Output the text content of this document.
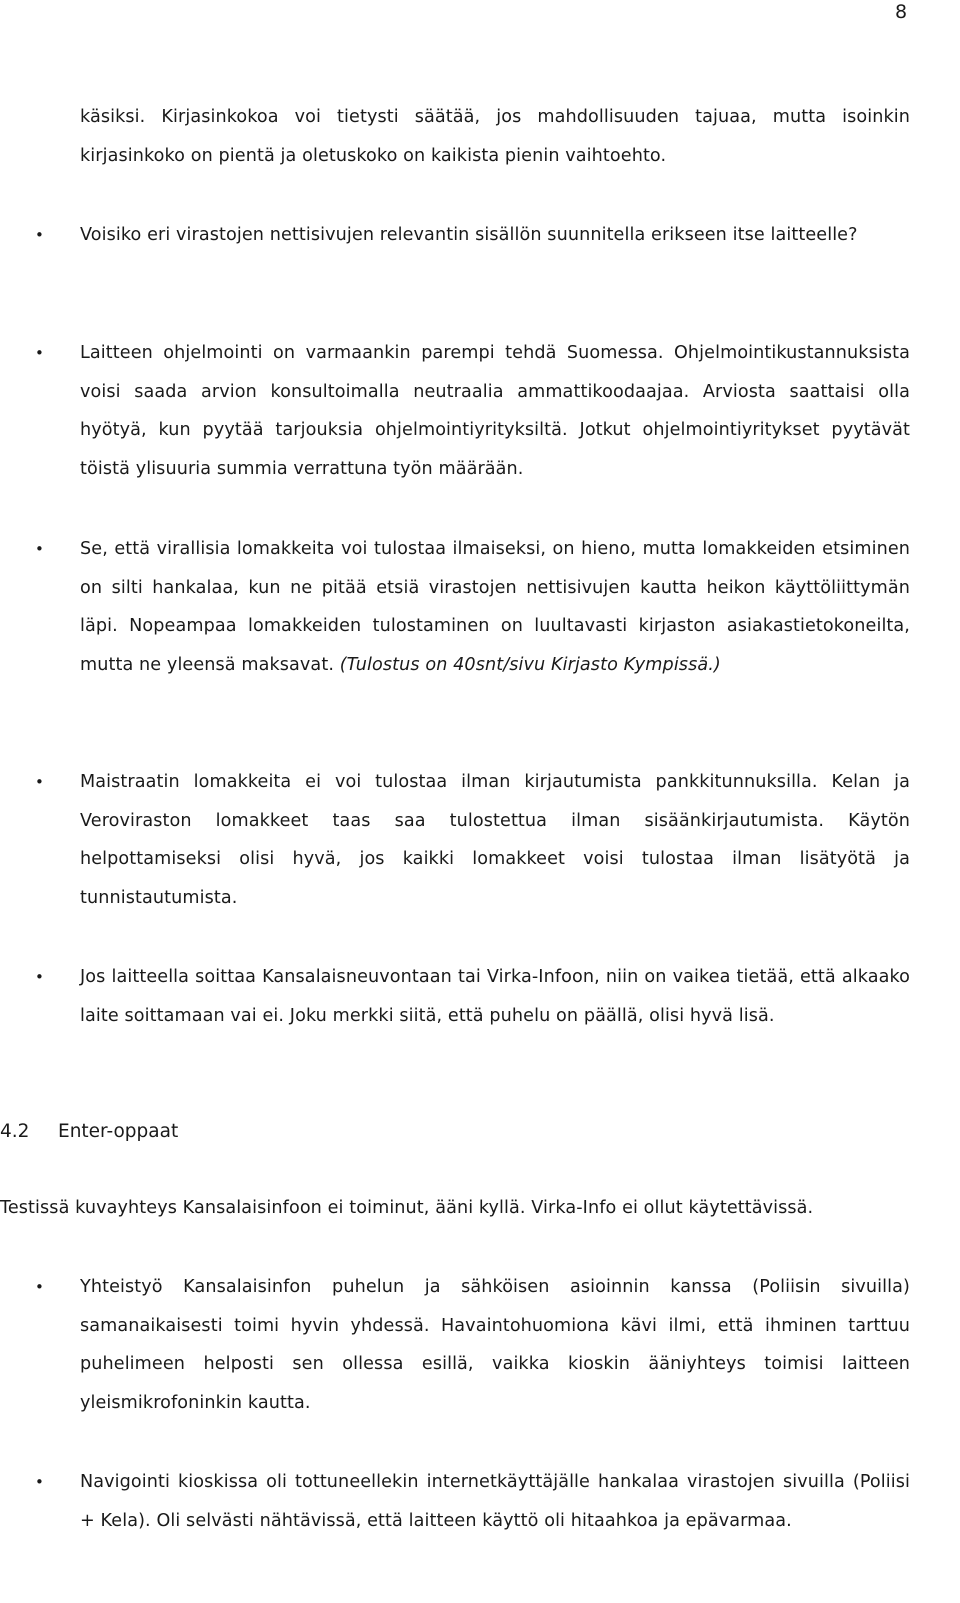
8
käsiksi. Kirjasinkokoa voi tietysti säätää, jos mahdollisuuden tajuaa, mutta isoinkin kirjasinkoko on pientä ja oletuskoko on kaikista pienin vaihtoehto.
• Voisiko eri virastojen nettisivujen relevantin sisällön suunnitella erikseen itse laitteelle?
• Laitteen ohjelmointi on varmaankin parempi tehdä Suomessa. Ohjelmointikustannuksista voisi saada arvion konsultoimalla neutraalia ammattikoodaajaa. Arviosta saattaisi olla hyötyä, kun pyytää tarjouksia ohjelmointiyrityksiltä. Jotkut ohjelmointiyritykset pyytävät töistä ylisuuria summia verrattuna työn määrään.
• Se, että virallisia lomakkeita voi tulostaa ilmaiseksi, on hieno, mutta lomakkeiden etsiminen on silti hankalaa, kun ne pitää etsiä virastojen nettisivujen kautta heikon käyttöliittymän läpi. Nopeampaa lomakkeiden tulostaminen on luultavasti kirjaston asiakastietokoneilta, mutta ne yleensä maksavat. (Tulostus on 40snt/sivu Kirjasto Kympissä.)
• Maistraatin lomakkeita ei voi tulostaa ilman kirjautumista pankkitunnuksilla. Kelan ja Veroviraston lomakkeet taas saa tulostettua ilman sisäänkirjautumista. Käytön helpottamiseksi olisi hyvä, jos kaikki lomakkeet voisi tulostaa ilman lisätyötä ja tunnistautumista.
• Jos laitteella soittaa Kansalaisneuvontaan tai Virka-Infoon, niin on vaikea tietää, että alkaako laite soittamaan vai ei. Joku merkki siitä, että puhelu on päällä, olisi hyvä lisä.
4.2 Enter-oppaat
Testissä kuvayhteys Kansalaisinfoon ei toiminut, ääni kyllä. Virka-Info ei ollut käytettävissä.
• Yhteistyö Kansalaisinfon puhelun ja sähköisen asioinnin kanssa (Poliisin sivuilla) samanaikaisesti toimi hyvin yhdessä. Havaintohuomiona kävi ilmi, että ihminen tarttuu puhelimeen helposti sen ollessa esillä, vaikka kioskin ääniyhteys toimisi laitteen yleismikrofoninkin kautta.
• Navigointi kioskissa oli tottuneellekin internetkäyttäjälle hankalaa virastojen sivuilla (Poliisi + Kela). Oli selvästi nähtävissä, että laitteen käyttö oli hitaahkoa ja epävarmaa.
